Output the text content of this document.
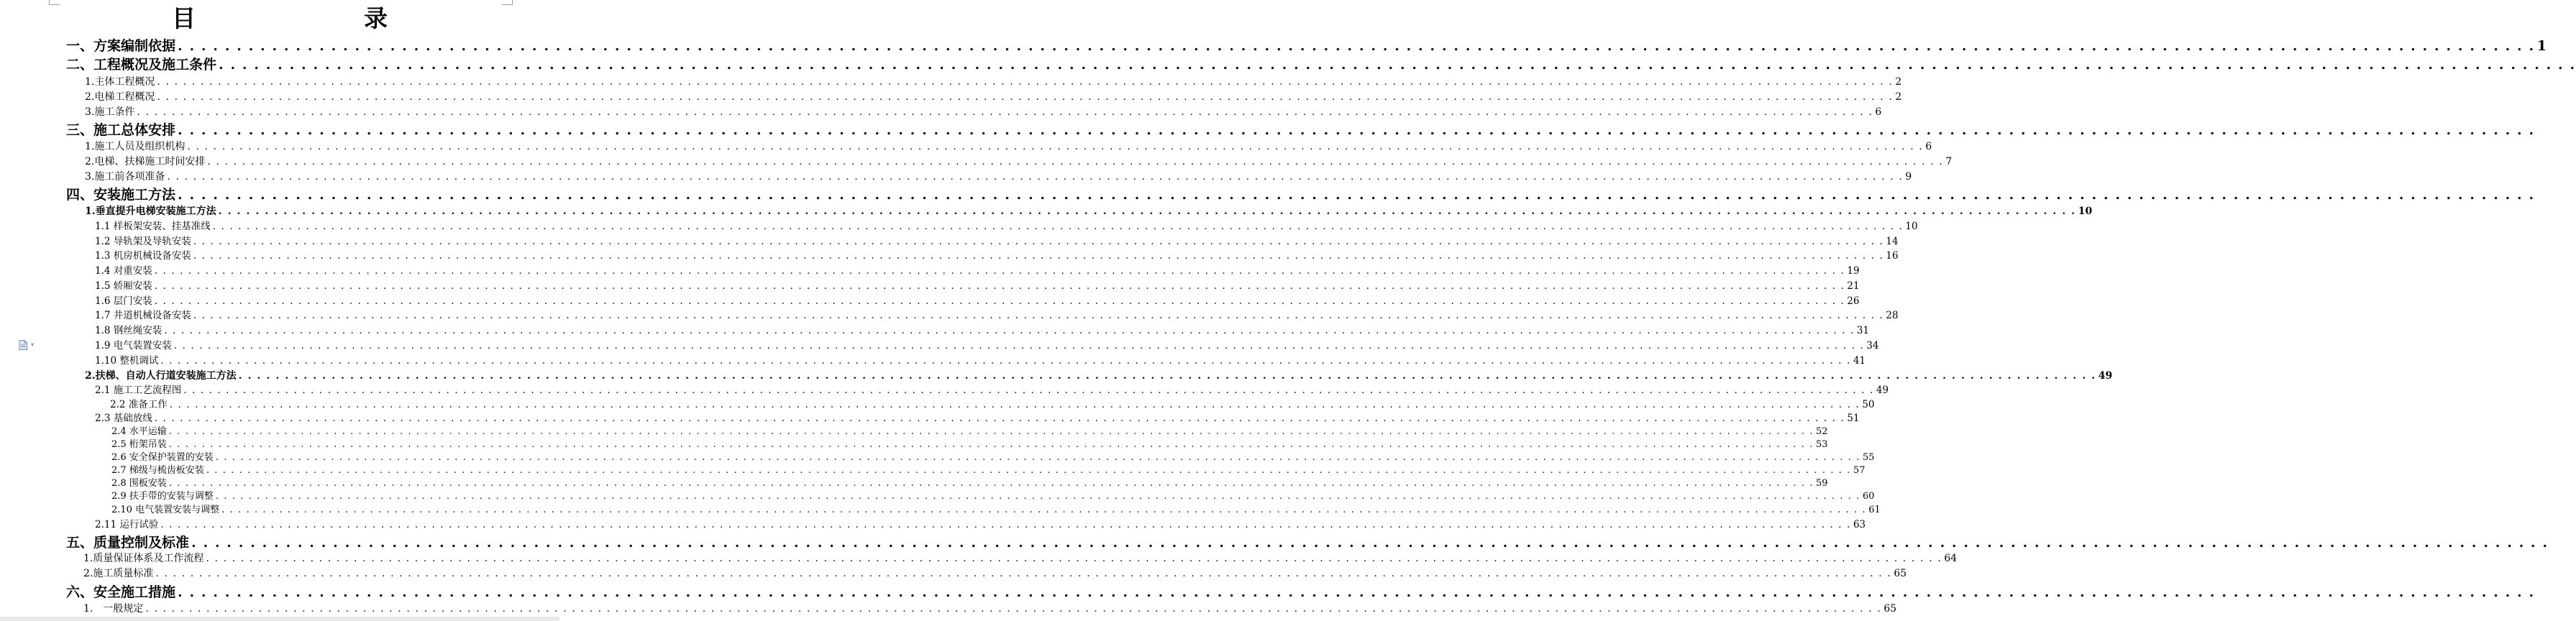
目　　录
一、方案编制依据 . . . . . . . . . . . . . . . . . . . . . . . . . . . . . . . . . . . . . . . . . . . . . . . . . . . . . . . . . . . . . . . . . . . . . . . . . . . . . . . . . . . . . . . . . . . . . . . . . . . . . . . . . . . . . . . . . . . . . . . . . . . . . . . . . . . . . . . . . . . . . . . . . . . . . . . . . . . . . . . . . . . . . . . . . . . . . . . . . . . . . . . . . . . . . . . . . . . . . . . . 1
二、工程概况及施工条件 . . . . . . . . . . . . . . . . . . . . . . . . . . . . . . . . . . . . . . . . . . . . . . . . . . . . . . . . . . . . . . . . . . . . . . . . . . . . . . . . . . . . . . . . . . . . . . . . . . . . . . . . . . . . . . . . . . . . . . . . . . . . . . . . . . . . . . . . . . . . . . . . . . . . . . . . . . . . . . . . . . . . . . . . . . . . . . . . . . . . . . . . . . . . . . . . . . . . . . . .
1.主体工程概况 . . . . . . . . . . . . . . . . . . . . . . . . . . . . . . . . . . . . . . . . . . . . . . . . . . . . . . . . . . . . . . . . . . . . . . . . . . . . . . . . . . . . . . . . . . . . . . . . . . . . . . . . . . . . . . . . . . . . . . . . . . . . . . . . . . . . . . . . . . . . . . . . . . . . . . . . . . . . . . . . . . . . . . . . . . . . . . . . . . . . . . . . . . . . . . . . . . . . . . . . 2
2.电梯工程概况 . . . . . . . . . . . . . . . . . . . . . . . . . . . . . . . . . . . . . . . . . . . . . . . . . . . . . . . . . . . . . . . . . . . . . . . . . . . . . . . . . . . . . . . . . . . . . . . . . . . . . . . . . . . . . . . . . . . . . . . . . . . . . . . . . . . . . . . . . . . . . . . . . . . . . . . . . . . . . . . . . . . . . . . . . . . . . . . . . . . . . . . . . . . . . . . . . . . . . . . . 2
3.施工条件 . . . . . . . . . . . . . . . . . . . . . . . . . . . . . . . . . . . . . . . . . . . . . . . . . . . . . . . . . . . . . . . . . . . . . . . . . . . . . . . . . . . . . . . . . . . . . . . . . . . . . . . . . . . . . . . . . . . . . . . . . . . . . . . . . . . . . . . . . . . . . . . . . . . . . . . . . . . . . . . . . . . . . . . . . . . . . . . . . . . . . . . . . . . . . . . . . . . . . . . . 6
三、施工总体安排 . . . . . . . . . . . . . . . . . . . . . . . . . . . . . . . . . . . . . . . . . . . . . . . . . . . . . . . . . . . . . . . . . . . . . . . . . . . . . . . . . . . . . . . . . . . . . . . . . . . . . . . . . . . . . . . . . . . . . . . . . . . . . . . . . . . . . . . . . . . . . . . . . . . . . . . . . . . . . . . . . . . . . . . . . . . . . . . . . . . . . . . . . . . . . . . . . . . . . . . .
1.施工人员及组织机构 . . . . . . . . . . . . . . . . . . . . . . . . . . . . . . . . . . . . . . . . . . . . . . . . . . . . . . . . . . . . . . . . . . . . . . . . . . . . . . . . . . . . . . . . . . . . . . . . . . . . . . . . . . . . . . . . . . . . . . . . . . . . . . . . . . . . . . . . . . . . . . . . . . . . . . . . . . . . . . . . . . . . . . . . . . . . . . . . . . . . . . . . . . . . . . . . . . . . . . . . 6
2.电梯、扶梯施工时间安排 . . . . . . . . . . . . . . . . . . . . . . . . . . . . . . . . . . . . . . . . . . . . . . . . . . . . . . . . . . . . . . . . . . . . . . . . . . . . . . . . . . . . . . . . . . . . . . . . . . . . . . . . . . . . . . . . . . . . . . . . . . . . . . . . . . . . . . . . . . . . . . . . . . . . . . . . . . . . . . . . . . . . . . . . . . . . . . . . . . . . . . . . . . . . . . . . . . . . . . . . 7
3.施工前各项准备 . . . . . . . . . . . . . . . . . . . . . . . . . . . . . . . . . . . . . . . . . . . . . . . . . . . . . . . . . . . . . . . . . . . . . . . . . . . . . . . . . . . . . . . . . . . . . . . . . . . . . . . . . . . . . . . . . . . . . . . . . . . . . . . . . . . . . . . . . . . . . . . . . . . . . . . . . . . . . . . . . . . . . . . . . . . . . . . . . . . . . . . . . . . . . . . . . . . . . . . . 9
四、安装施工方法 . . . . . . . . . . . . . . . . . . . . . . . . . . . . . . . . . . . . . . . . . . . . . . . . . . . . . . . . . . . . . . . . . . . . . . . . . . . . . . . . . . . . . . . . . . . . . . . . . . . . . . . . . . . . . . . . . . . . . . . . . . . . . . . . . . . . . . . . . . . . . . . . . . . . . . . . . . . . . . . . . . . . . . . . . . . . . . . . . . . . . . . . . . . . . . . . . . . . . . . .
1.垂直提升电梯安装施工方法 . . . . . . . . . . . . . . . . . . . . . . . . . . . . . . . . . . . . . . . . . . . . . . . . . . . . . . . . . . . . . . . . . . . . . . . . . . . . . . . . . . . . . . . . . . . . . . . . . . . . . . . . . . . . . . . . . . . . . . . . . . . . . . . . . . . . . . . . . . . . . . . . . . . . . . . . . . . . . . . . . . . . . . . . . . . . . . . . . . . . . . . . . . . . . . . . . . . . . . . . 10
1.1 样板架安装、挂基准线 . . . . . . . . . . . . . . . . . . . . . . . . . . . . . . . . . . . . . . . . . . . . . . . . . . . . . . . . . . . . . . . . . . . . . . . . . . . . . . . . . . . . . . . . . . . . . . . . . . . . . . . . . . . . . . . . . . . . . . . . . . . . . . . . . . . . . . . . . . . . . . . . . . . . . . . . . . . . . . . . . . . . . . . . . . . . . . . . . . . . . . . . . . . . . . . . . . . . . . . . 10
1.2 导轨架及导轨安装 . . . . . . . . . . . . . . . . . . . . . . . . . . . . . . . . . . . . . . . . . . . . . . . . . . . . . . . . . . . . . . . . . . . . . . . . . . . . . . . . . . . . . . . . . . . . . . . . . . . . . . . . . . . . . . . . . . . . . . . . . . . . . . . . . . . . . . . . . . . . . . . . . . . . . . . . . . . . . . . . . . . . . . . . . . . . . . . . . . . . . . . . . . . . . . . . . . . . . . . . 14
1.3 机房机械设备安装 . . . . . . . . . . . . . . . . . . . . . . . . . . . . . . . . . . . . . . . . . . . . . . . . . . . . . . . . . . . . . . . . . . . . . . . . . . . . . . . . . . . . . . . . . . . . . . . . . . . . . . . . . . . . . . . . . . . . . . . . . . . . . . . . . . . . . . . . . . . . . . . . . . . . . . . . . . . . . . . . . . . . . . . . . . . . . . . . . . . . . . . . . . . . . . . . . . . . . . . . 16
1.4 对重安装 . . . . . . . . . . . . . . . . . . . . . . . . . . . . . . . . . . . . . . . . . . . . . . . . . . . . . . . . . . . . . . . . . . . . . . . . . . . . . . . . . . . . . . . . . . . . . . . . . . . . . . . . . . . . . . . . . . . . . . . . . . . . . . . . . . . . . . . . . . . . . . . . . . . . . . . . . . . . . . . . . . . . . . . . . . . . . . . . . . . . . . . . . . . . . . . . . . . . . . . . 19
1.5 轿厢安装 . . . . . . . . . . . . . . . . . . . . . . . . . . . . . . . . . . . . . . . . . . . . . . . . . . . . . . . . . . . . . . . . . . . . . . . . . . . . . . . . . . . . . . . . . . . . . . . . . . . . . . . . . . . . . . . . . . . . . . . . . . . . . . . . . . . . . . . . . . . . . . . . . . . . . . . . . . . . . . . . . . . . . . . . . . . . . . . . . . . . . . . . . . . . . . . . . . . . . . . . 21
1.6 层门安装 . . . . . . . . . . . . . . . . . . . . . . . . . . . . . . . . . . . . . . . . . . . . . . . . . . . . . . . . . . . . . . . . . . . . . . . . . . . . . . . . . . . . . . . . . . . . . . . . . . . . . . . . . . . . . . . . . . . . . . . . . . . . . . . . . . . . . . . . . . . . . . . . . . . . . . . . . . . . . . . . . . . . . . . . . . . . . . . . . . . . . . . . . . . . . . . . . . . . . . . . 26
1.7 井道机械设备安装 . . . . . . . . . . . . . . . . . . . . . . . . . . . . . . . . . . . . . . . . . . . . . . . . . . . . . . . . . . . . . . . . . . . . . . . . . . . . . . . . . . . . . . . . . . . . . . . . . . . . . . . . . . . . . . . . . . . . . . . . . . . . . . . . . . . . . . . . . . . . . . . . . . . . . . . . . . . . . . . . . . . . . . . . . . . . . . . . . . . . . . . . . . . . . . . . . . . . . . . . 28
1.8 钢丝绳安装 . . . . . . . . . . . . . . . . . . . . . . . . . . . . . . . . . . . . . . . . . . . . . . . . . . . . . . . . . . . . . . . . . . . . . . . . . . . . . . . . . . . . . . . . . . . . . . . . . . . . . . . . . . . . . . . . . . . . . . . . . . . . . . . . . . . . . . . . . . . . . . . . . . . . . . . . . . . . . . . . . . . . . . . . . . . . . . . . . . . . . . . . . . . . . . . . . . . . . . . . 31
1.9 电气装置安装 . . . . . . . . . . . . . . . . . . . . . . . . . . . . . . . . . . . . . . . . . . . . . . . . . . . . . . . . . . . . . . . . . . . . . . . . . . . . . . . . . . . . . . . . . . . . . . . . . . . . . . . . . . . . . . . . . . . . . . . . . . . . . . . . . . . . . . . . . . . . . . . . . . . . . . . . . . . . . . . . . . . . . . . . . . . . . . . . . . . . . . . . . . . . . . . . . . . . . . . . 34
1.10 整机调试 . . . . . . . . . . . . . . . . . . . . . . . . . . . . . . . . . . . . . . . . . . . . . . . . . . . . . . . . . . . . . . . . . . . . . . . . . . . . . . . . . . . . . . . . . . . . . . . . . . . . . . . . . . . . . . . . . . . . . . . . . . . . . . . . . . . . . . . . . . . . . . . . . . . . . . . . . . . . . . . . . . . . . . . . . . . . . . . . . . . . . . . . . . . . . . . . . . . . . . . . 41
2.扶梯、自动人行道安装施工方法 . . . . . . . . . . . . . . . . . . . . . . . . . . . . . . . . . . . . . . . . . . . . . . . . . . . . . . . . . . . . . . . . . . . . . . . . . . . . . . . . . . . . . . . . . . . . . . . . . . . . . . . . . . . . . . . . . . . . . . . . . . . . . . . . . . . . . . . . . . . . . . . . . . . . . . . . . . . . . . . . . . . . . . . . . . . . . . . . . . . . . . . . . . . . . . . . . . . . . . . . 49
2.1 施工工艺流程图 . . . . . . . . . . . . . . . . . . . . . . . . . . . . . . . . . . . . . . . . . . . . . . . . . . . . . . . . . . . . . . . . . . . . . . . . . . . . . . . . . . . . . . . . . . . . . . . . . . . . . . . . . . . . . . . . . . . . . . . . . . . . . . . . . . . . . . . . . . . . . . . . . . . . . . . . . . . . . . . . . . . . . . . . . . . . . . . . . . . . . . . . . . . . . . . . . . . . . . . . 49
2.2 准备工作 . . . . . . . . . . . . . . . . . . . . . . . . . . . . . . . . . . . . . . . . . . . . . . . . . . . . . . . . . . . . . . . . . . . . . . . . . . . . . . . . . . . . . . . . . . . . . . . . . . . . . . . . . . . . . . . . . . . . . . . . . . . . . . . . . . . . . . . . . . . . . . . . . . . . . . . . . . . . . . . . . . . . . . . . . . . . . . . . . . . . . . . . . . . . . . . . . . . . . . . . 50
2.3 基础放线 . . . . . . . . . . . . . . . . . . . . . . . . . . . . . . . . . . . . . . . . . . . . . . . . . . . . . . . . . . . . . . . . . . . . . . . . . . . . . . . . . . . . . . . . . . . . . . . . . . . . . . . . . . . . . . . . . . . . . . . . . . . . . . . . . . . . . . . . . . . . . . . . . . . . . . . . . . . . . . . . . . . . . . . . . . . . . . . . . . . . . . . . . . . . . . . . . . . . . . . . 51
2.4 水平运输 . . . . . . . . . . . . . . . . . . . . . . . . . . . . . . . . . . . . . . . . . . . . . . . . . . . . . . . . . . . . . . . . . . . . . . . . . . . . . . . . . . . . . . . . . . . . . . . . . . . . . . . . . . . . . . . . . . . . . . . . . . . . . . . . . . . . . . . . . . . . . . . . . . . . . . . . . . . . . . . . . . . . . . . . . . . . . . . . . . . . . . . . . . . . . . . . . . . . . . . . 52
2.5 桁架吊装 . . . . . . . . . . . . . . . . . . . . . . . . . . . . . . . . . . . . . . . . . . . . . . . . . . . . . . . . . . . . . . . . . . . . . . . . . . . . . . . . . . . . . . . . . . . . . . . . . . . . . . . . . . . . . . . . . . . . . . . . . . . . . . . . . . . . . . . . . . . . . . . . . . . . . . . . . . . . . . . . . . . . . . . . . . . . . . . . . . . . . . . . . . . . . . . . . . . . . . . . 53
2.6 安全保护装置的安装 . . . . . . . . . . . . . . . . . . . . . . . . . . . . . . . . . . . . . . . . . . . . . . . . . . . . . . . . . . . . . . . . . . . . . . . . . . . . . . . . . . . . . . . . . . . . . . . . . . . . . . . . . . . . . . . . . . . . . . . . . . . . . . . . . . . . . . . . . . . . . . . . . . . . . . . . . . . . . . . . . . . . . . . . . . . . . . . . . . . . . . . . . . . . . . . . . . . . . . . . 55
2.7 梯级与梳齿板安装 . . . . . . . . . . . . . . . . . . . . . . . . . . . . . . . . . . . . . . . . . . . . . . . . . . . . . . . . . . . . . . . . . . . . . . . . . . . . . . . . . . . . . . . . . . . . . . . . . . . . . . . . . . . . . . . . . . . . . . . . . . . . . . . . . . . . . . . . . . . . . . . . . . . . . . . . . . . . . . . . . . . . . . . . . . . . . . . . . . . . . . . . . . . . . . . . . . . . . . . . 57
2.8 围板安装 . . . . . . . . . . . . . . . . . . . . . . . . . . . . . . . . . . . . . . . . . . . . . . . . . . . . . . . . . . . . . . . . . . . . . . . . . . . . . . . . . . . . . . . . . . . . . . . . . . . . . . . . . . . . . . . . . . . . . . . . . . . . . . . . . . . . . . . . . . . . . . . . . . . . . . . . . . . . . . . . . . . . . . . . . . . . . . . . . . . . . . . . . . . . . . . . . . . . . . . . 59
2.9 扶手带的安装与调整 . . . . . . . . . . . . . . . . . . . . . . . . . . . . . . . . . . . . . . . . . . . . . . . . . . . . . . . . . . . . . . . . . . . . . . . . . . . . . . . . . . . . . . . . . . . . . . . . . . . . . . . . . . . . . . . . . . . . . . . . . . . . . . . . . . . . . . . . . . . . . . . . . . . . . . . . . . . . . . . . . . . . . . . . . . . . . . . . . . . . . . . . . . . . . . . . . . . . . . . . 60
2.10 电气装置安装与调整 . . . . . . . . . . . . . . . . . . . . . . . . . . . . . . . . . . . . . . . . . . . . . . . . . . . . . . . . . . . . . . . . . . . . . . . . . . . . . . . . . . . . . . . . . . . . . . . . . . . . . . . . . . . . . . . . . . . . . . . . . . . . . . . . . . . . . . . . . . . . . . . . . . . . . . . . . . . . . . . . . . . . . . . . . . . . . . . . . . . . . . . . . . . . . . . . . . . . . . . . 61
2.11 运行试验 . . . . . . . . . . . . . . . . . . . . . . . . . . . . . . . . . . . . . . . . . . . . . . . . . . . . . . . . . . . . . . . . . . . . . . . . . . . . . . . . . . . . . . . . . . . . . . . . . . . . . . . . . . . . . . . . . . . . . . . . . . . . . . . . . . . . . . . . . . . . . . . . . . . . . . . . . . . . . . . . . . . . . . . . . . . . . . . . . . . . . . . . . . . . . . . . . . . . . . . . 63
五、质量控制及标准 . . . . . . . . . . . . . . . . . . . . . . . . . . . . . . . . . . . . . . . . . . . . . . . . . . . . . . . . . . . . . . . . . . . . . . . . . . . . . . . . . . . . . . . . . . . . . . . . . . . . . . . . . . . . . . . . . . . . . . . . . . . . . . . . . . . . . . . . . . . . . . . . . . . . . . . . . . . . . . . . . . . . . . . . . . . . . . . . . . . . . . . . . . . . . . . . . . . . . . . .
1.质量保证体系及工作流程 . . . . . . . . . . . . . . . . . . . . . . . . . . . . . . . . . . . . . . . . . . . . . . . . . . . . . . . . . . . . . . . . . . . . . . . . . . . . . . . . . . . . . . . . . . . . . . . . . . . . . . . . . . . . . . . . . . . . . . . . . . . . . . . . . . . . . . . . . . . . . . . . . . . . . . . . . . . . . . . . . . . . . . . . . . . . . . . . . . . . . . . . . . . . . . . . . . . . . . . . 64
2.施工质量标准 . . . . . . . . . . . . . . . . . . . . . . . . . . . . . . . . . . . . . . . . . . . . . . . . . . . . . . . . . . . . . . . . . . . . . . . . . . . . . . . . . . . . . . . . . . . . . . . . . . . . . . . . . . . . . . . . . . . . . . . . . . . . . . . . . . . . . . . . . . . . . . . . . . . . . . . . . . . . . . . . . . . . . . . . . . . . . . . . . . . . . . . . . . . . . . . . . . . . . . . . 65
六、安全施工措施 . . . . . . . . . . . . . . . . . . . . . . . . . . . . . . . . . . . . . . . . . . . . . . . . . . . . . . . . . . . . . . . . . . . . . . . . . . . . . . . . . . . . . . . . . . . . . . . . . . . . . . . . . . . . . . . . . . . . . . . . . . . . . . . . . . . . . . . . . . . . . . . . . . . . . . . . . . . . . . . . . . . . . . . . . . . . . . . . . . . . . . . . . . . . . . . . . . . . . . . .
1.　一般规定 . . . . . . . . . . . . . . . . . . . . . . . . . . . . . . . . . . . . . . . . . . . . . . . . . . . . . . . . . . . . . . . . . . . . . . . . . . . . . . . . . . . . . . . . . . . . . . . . . . . . . . . . . . . . . . . . . . . . . . . . . . . . . . . . . . . . . . . . . . . . . . . . . . . . . . . . . . . . . . . . . . . . . . . . . . . . . . . . . . . . . . . . . . . . . . . . . . . . . . . . 65
▾
